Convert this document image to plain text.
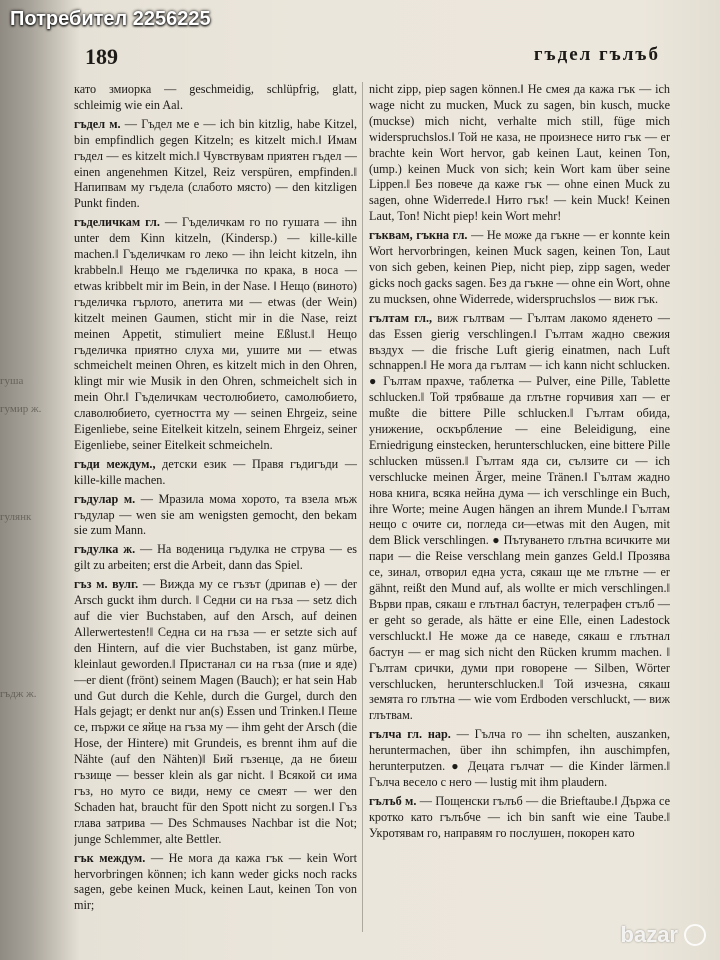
гуша

гумир ж.

гулянк

гъдж ж.

Потребител 2256225
189	гъдел гълъб

като змиорка — geschmeidig, schlüpfrig, glatt, schleimig wie ein Aal.

гъдел м. — Гъдел ме е — ich bin kitzlig, habe Kitzel, bin empfindlich gegen Kitzeln; es kitzelt mich.‖ Имам гъдел — es kitzelt mich.‖ Чувствувам приятен гъдел — einen angenehmen Kitzel, Reiz verspüren, empfinden.‖ Напипвам му гъдела (слабото място) — den kitzligen Punkt finden.

гъделичкам гл. — Гъделичкам го по гушата — ihn unter dem Kinn kitzeln, (Kindersp.) — kille-kille machen.‖ Гъделичкам го леко — ihn leicht kitzeln, ihn krabbeln.‖ Нещо ме гъделичка по крака, в носа — etwas kribbelt mir im Bein, in der Nase. ‖ Нещо (виното) гъделичка гърлото, апетита ми — etwas (der Wein) kitzelt meinen Gaumen, sticht mir in die Nase, reizt meinen Appetit, stimuliert meine Eßlust.‖ Нещо гъделичка приятно слуха ми, ушите ми — etwas schmeichelt meinen Ohren, es kitzelt mich in den Ohren, klingt mir wie Musik in den Ohren, schmeichelt sich in mein Ohr.‖ Гъделичкам честолюбието, самолюбието, славолюбието, суетността му — seinen Ehrgeiz, seine Eigenliebe, seine Eitelkeit kitzeln, seinem Ehrgeiz, seiner Eigenliebe, seiner Eitelkeit schmeicheln.

гъди междум., детски език — Правя гъдигъди — kille-kille machen.

гъдулар м. — Мразила мома хорото, та взела мъж гъдулар — wen sie am wenigsten gemocht, den bekam sie zum Mann.

гъдулка ж. — На воденица гъдулка не струва — es gilt zu arbeiten; erst die Arbeit, dann das Spiel.

гъз м. вулг. — Вижда му се гъзът (дрипав е) — der Arsch guckt ihm durch. ‖ Седни си на гъза — setz dich auf die vier Buchstaben, auf den Arsch, auf deinen Allerwertesten!‖ Седна си на гъза — er setzte sich auf den Hintern, auf die vier Buchstaben, ist ganz mürbe, kleinlaut geworden.‖ Пристанал си на гъза (пие и яде)—er dient (frönt) seinem Magen (Bauch); er hat sein Hab und Gut durch die Kehle, durch die Gurgel, durch den Hals gejagt; er denkt nur an(s) Essen und Trinken.‖ Пеше се, пържи се яйце на гъза му — ihm geht der Arsch (die Hose, der Hintere) mit Grundeis, es brennt ihm auf die Nähte (auf den Nähten)‖ Бий гъзенце, да не биеш гъзище — besser klein als gar nicht. ‖ Всякой си има гъз, но муто се види, нему се смеят — wer den Schaden hat, braucht für den Spott nicht zu sorgen.‖ Гъз глава затрива — Des Schmauses Nachbar ist die Not; junge Schlemmer, alte Bettler.

гък междум. — Не мога да кажа гък — kein Wort hervorbringen können; ich kann weder gicks noch racks sagen, gebe keinen Muck, keinen Laut, keinen Ton von mir;

nicht zipp, piep sagen können.‖ Не смея да кажа гък — ich wage nicht zu mucken, Muck zu sagen, bin kusch, mucke (muckse) mich nicht, verhalte mich still, füge mich widerspruchslos.‖ Той не каза, не произнесе нито гък — er brachte kein Wort hervor, gab keinen Laut, keinen Ton, (ump.) keinen Muck von sich; kein Wort kam über seine Lippen.‖ Без повече да каже гък — ohne einen Muck zu sagen, ohne Widerrede.‖ Нито гък! — kein Muck! Keinen Laut, Ton! Nicht piep! kein Wort mehr!

гъквам, гъкна гл. — Не може да гъкне — er konnte kein Wort hervorbringen, keinen Muck sagen, keinen Ton, Laut von sich geben, keinen Piep, nicht piep, zipp sagen, weder gicks noch gacks sagen. Без да гъкне — ohne ein Wort, ohne zu mucksen, ohne Widerrede, widerspruchslos — виж гък.

гълтам гл., виж гълтвам — Гълтам лакомо яденето — das Essen gierig verschlingen.‖ Гълтам жадно свежия въздух — die frische Luft gierig einatmen, nach Luft schnappen.‖ Не мога да гълтам — ich kann nicht schlucken. ● Гълтам прахче, таблетка — Pulver, eine Pille, Tablette schlucken.‖ Той трябваше да глътне горчивия хап — er mußte die bittere Pille schlucken.‖ Гълтам обида, унижение, оскърбление — eine Beleidigung, eine Erniedrigung einstecken, herunterschlucken, eine bittere Pille schlucken müssen.‖ Гълтам яда си, сълзите си — ich verschlucke meinen Ärger, meine Tränen.‖ Гълтам жадно нова книга, всяка нейна дума — ich verschlinge ein Buch, ihre Worte; meine Augen hängen an ihrem Munde.‖ Гълтам нещо с очите си, погледа си—etwas mit den Augen, mit dem Blick verschlingen. ● Пътуването глътна всичките ми пари — die Reise verschlang mein ganzes Geld.‖ Прозява се, зинал, отворил една уста, сякаш ще ме глътне — er gähnt, reißt den Mund auf, als wollte er mich verschlingen.‖ Върви прав, сякаш е глътнал бастун, телеграфен стълб — er geht so gerade, als hätte er eine Elle, einen Ladestock verschluckt.‖ Не може да се наведе, сякаш е глътнал бастун — er mag sich nicht den Rücken krumm machen. ‖ Гълтам срички, думи при говорене — Silben, Wörter verschlucken, herunterschlucken.‖ Той изчезна, сякаш земята го глътна — wie vom Erdboden verschluckt, — виж глътвам.

гълча гл. нар. — Гълча го — ihn schelten, auszanken, heruntermachen, über ihn schimpfen, ihn auschimpfen, herunterputzen. ● Децата гълчат — die Kinder lärmen.‖ Гълча весело с него — lustig mit ihm plaudern.

гълъб м. — Пощенски гълъб — die Brieftaube.‖ Държа се кротко като гълъбче — ich bin sanft wie eine Taube.‖ Укротявам го, направям го послушен, покорен като

bazar
